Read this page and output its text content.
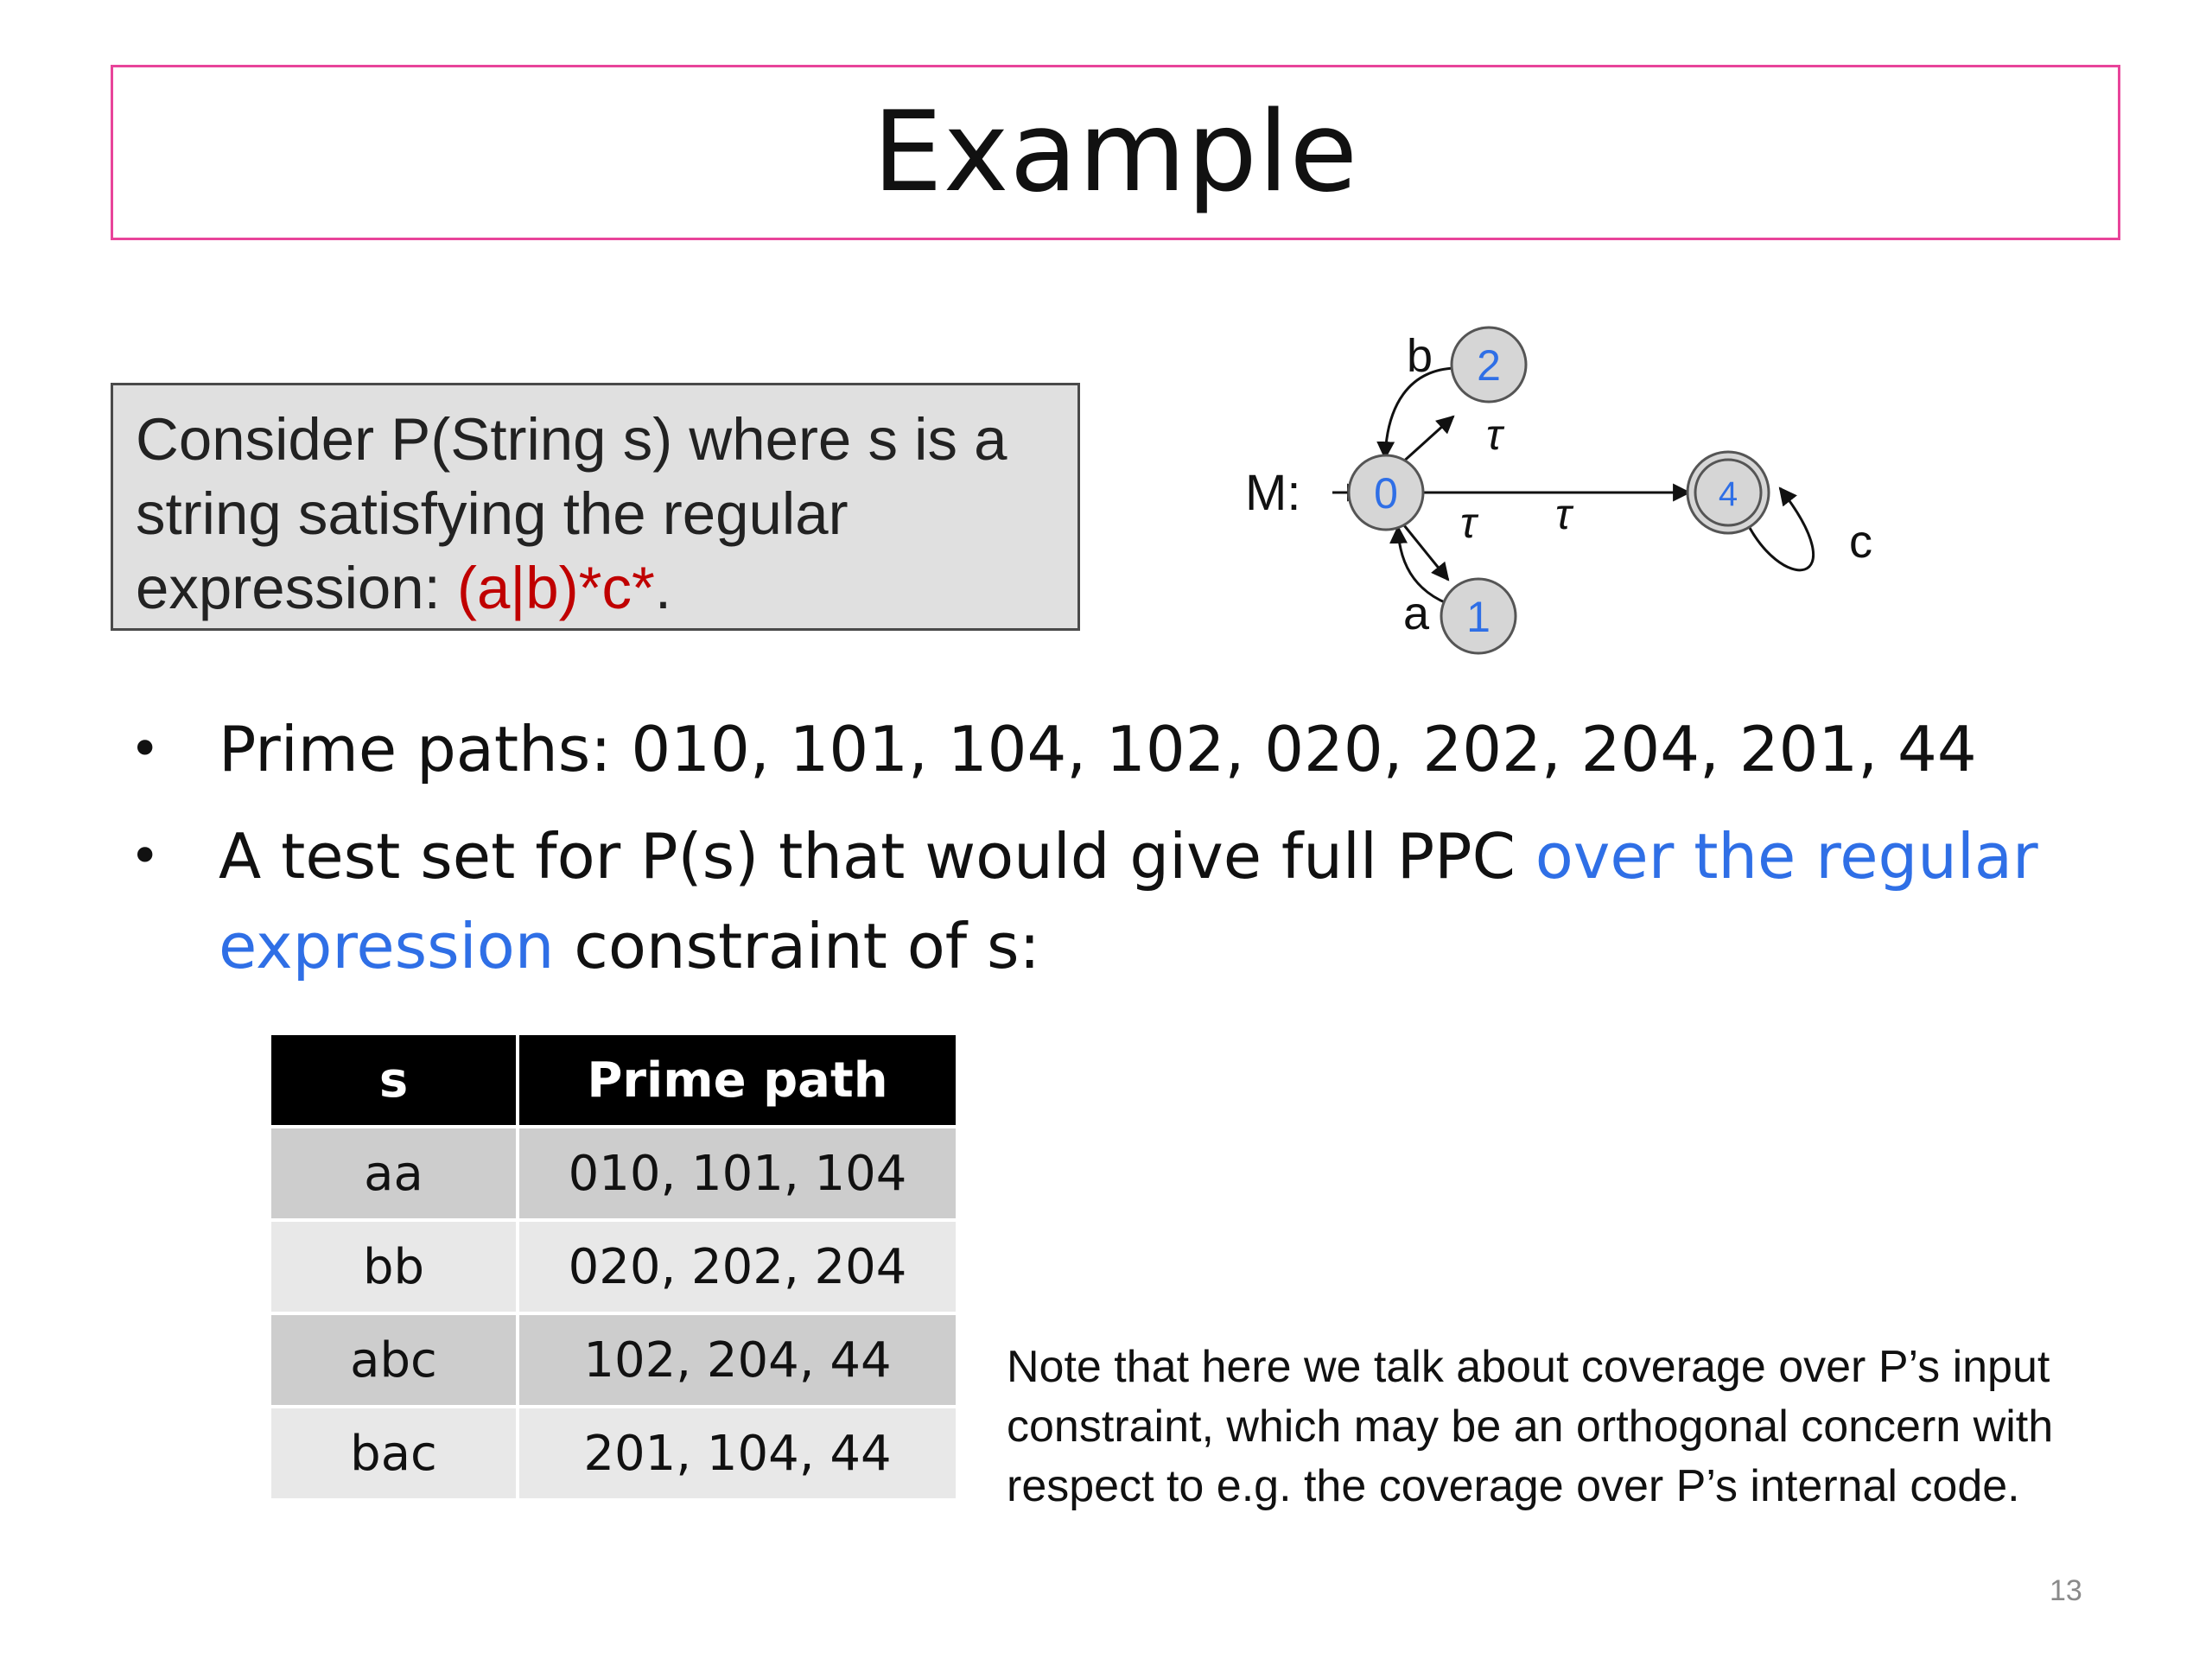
Example
Consider P(String s) where s is a
string satisfying the regular
expression: (a|b)*c*.
M:
b
τ
τ τ
a
c
0
2
1
4
• Prime paths: 010, 101, 104, 102, 020, 202, 204, 201, 44
• A test set for P(s) that would give full PPC over the regular
expression constraint of s:
s	Prime path
aa	010, 101, 104
bb	020, 202, 204
abc	102, 204, 44
bac	201, 104, 44
Note that here we talk about coverage over P’s input
constraint, which may be an orthogonal concern with
respect to e.g. the coverage over P’s internal code.
13
